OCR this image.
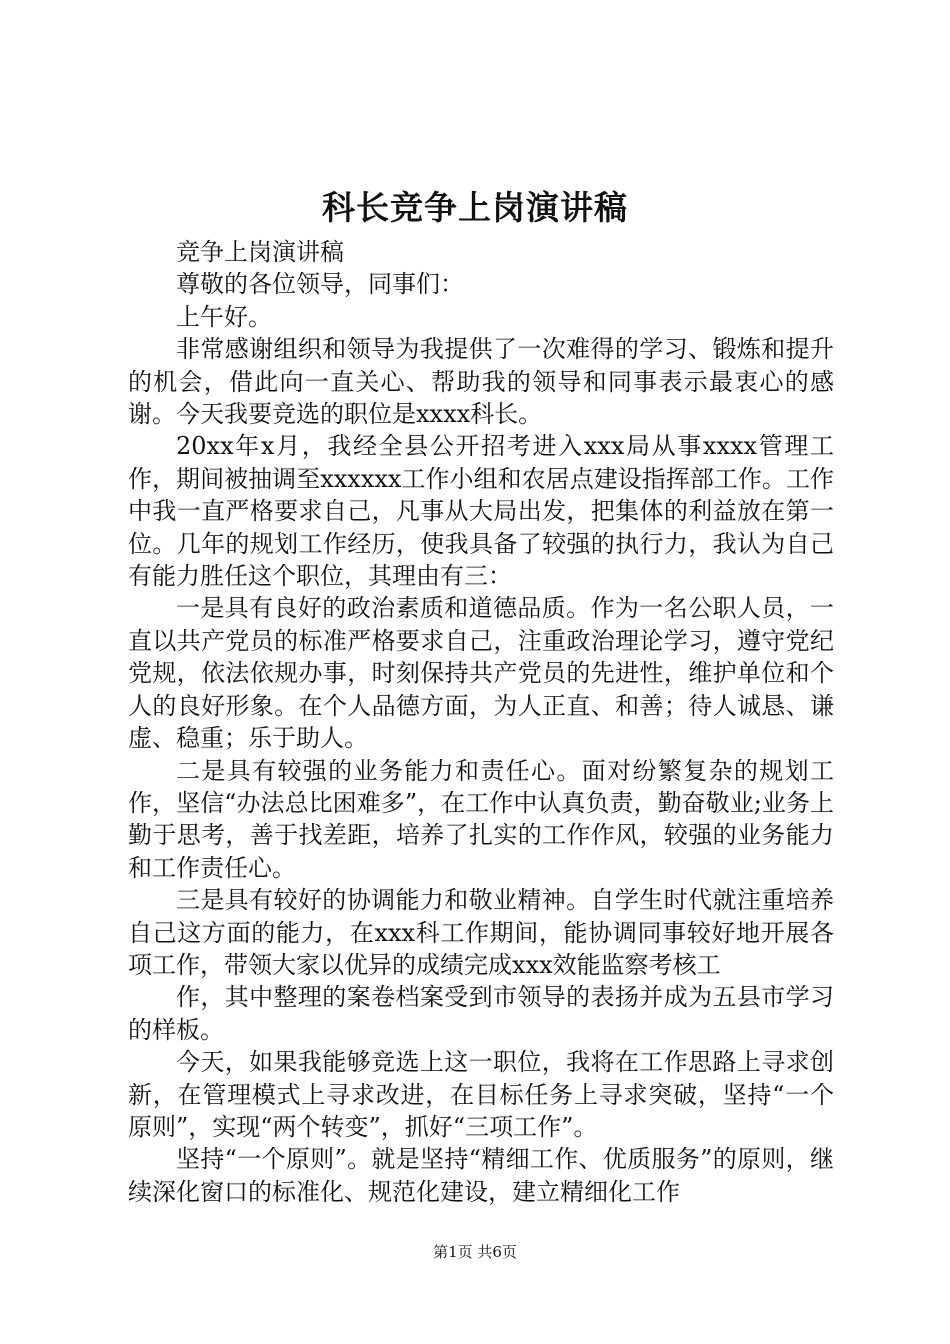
科长竞争上岗演讲稿

竞争上岗演讲稿

尊敬的各位领导，同事们：

上午好。

非常感谢组织和领导为我提供了一次难得的学习、锻炼和提升的机会，借此向一直关心、帮助我的领导和同事表示最衷心的感谢。今天我要竞选的职位是xxxx科长。

20xx年x月，我经全县公开招考进入xxx局从事xxxx管理工作，期间被抽调至xxxxxx工作小组和农居点建设指挥部工作。工作中我一直严格要求自己，凡事从大局出发，把集体的利益放在第一位。几年的规划工作经历，使我具备了较强的执行力，我认为自己有能力胜任这个职位，其理由有三：

一是具有良好的政治素质和道德品质。作为一名公职人员，一直以共产党员的标准严格要求自己，注重政治理论学习，遵守党纪党规，依法依规办事，时刻保持共产党员的先进性，维护单位和个人的良好形象。在个人品德方面，为人正直、和善；待人诚恳、谦虚、稳重；乐于助人。

二是具有较强的业务能力和责任心。面对纷繁复杂的规划工作，坚信“办法总比困难多”，在工作中认真负责，勤奋敬业;业务上勤于思考，善于找差距，培养了扎实的工作作风，较强的业务能力和工作责任心。

三是具有较好的协调能力和敬业精神。自学生时代就注重培养自己这方面的能力，在xxx科工作期间，能协调同事较好地开展各项工作，带领大家以优异的成绩完成xxx效能监察考核工

作，其中整理的案卷档案受到市领导的表扬并成为五县市学习的样板。

今天，如果我能够竞选上这一职位，我将在工作思路上寻求创新，在管理模式上寻求改进，在目标任务上寻求突破，坚持“一个原则”，实现“两个转变”，抓好“三项工作”。

坚持“一个原则”。就是坚持“精细工作、优质服务”的原则，继续深化窗口的标准化、规范化建设，建立精细化工作

第1页 共6页
